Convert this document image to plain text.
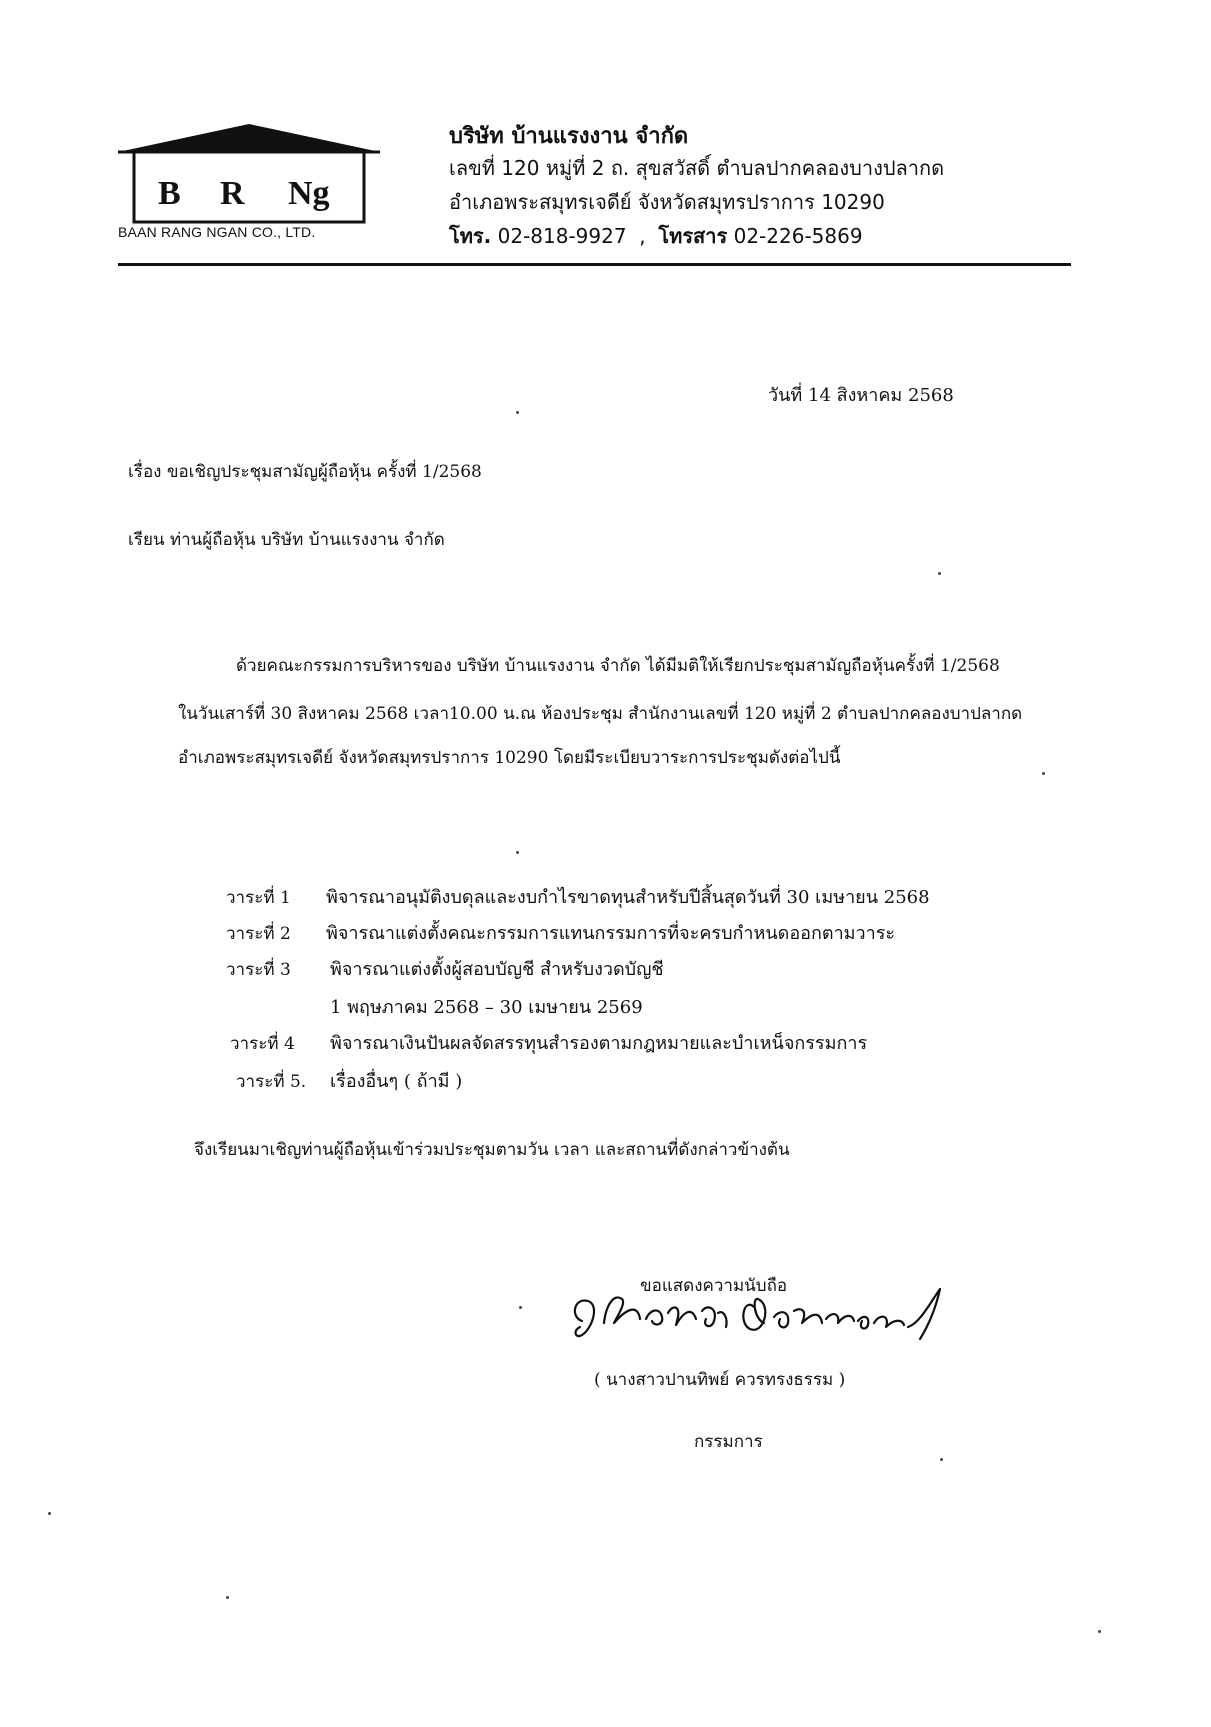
B R Ng
BAAN RANG NGAN CO., LTD.
บริษัท บ้านแรงงาน จำกัด
เลขที่ 120 หมู่ที่ 2 ถ. สุขสวัสดิ์ ตำบลปากคลองบางปลากด
อำเภอพระสมุทรเจดีย์ จังหวัดสมุทรปราการ 10290
โทร. 02-818-9927  ,  โทรสาร 02-226-5869
วันที่ 14 สิงหาคม 2568
เรื่อง ขอเชิญประชุมสามัญผู้ถือหุ้น ครั้งที่ 1/2568
เรียน ท่านผู้ถือหุ้น บริษัท บ้านแรงงาน จำกัด
ด้วยคณะกรรมการบริหารของ บริษัท บ้านแรงงาน จำกัด ได้มีมติให้เรียกประชุมสามัญถือหุ้นครั้งที่ 1/2568
ในวันเสาร์ที่ 30 สิงหาคม 2568 เวลา10.00 น.ณ ห้องประชุม สำนักงานเลขที่ 120 หมู่ที่ 2 ตำบลปากคลองบาปลากด
อำเภอพระสมุทรเจดีย์ จังหวัดสมุทรปราการ 10290 โดยมีระเบียบวาระการประชุมดังต่อไปนี้
วาระที่ 1 พิจารณาอนุมัติงบดุลและงบกำไรขาดทุนสำหรับปีสิ้นสุดวันที่ 30 เมษายน 2568
วาระที่ 2 พิจารณาแต่งตั้งคณะกรรมการแทนกรรมการที่จะครบกำหนดออกตามวาระ
วาระที่ 3 พิจารณาแต่งตั้งผู้สอบบัญชี สำหรับงวดบัญชี
1 พฤษภาคม 2568 – 30 เมษายน 2569
วาระที่ 4 พิจารณาเงินปันผลจัดสรรทุนสำรองตามกฎหมายและบำเหน็จกรรมการ
วาระที่ 5. เรื่องอื่นๆ ( ถ้ามี )
จึงเรียนมาเชิญท่านผู้ถือหุ้นเข้าร่วมประชุมตามวัน เวลา และสถานที่ดังกล่าวข้างต้น
ขอแสดงความนับถือ
( นางสาวปานทิพย์ ควรทรงธรรม )
กรรมการ
